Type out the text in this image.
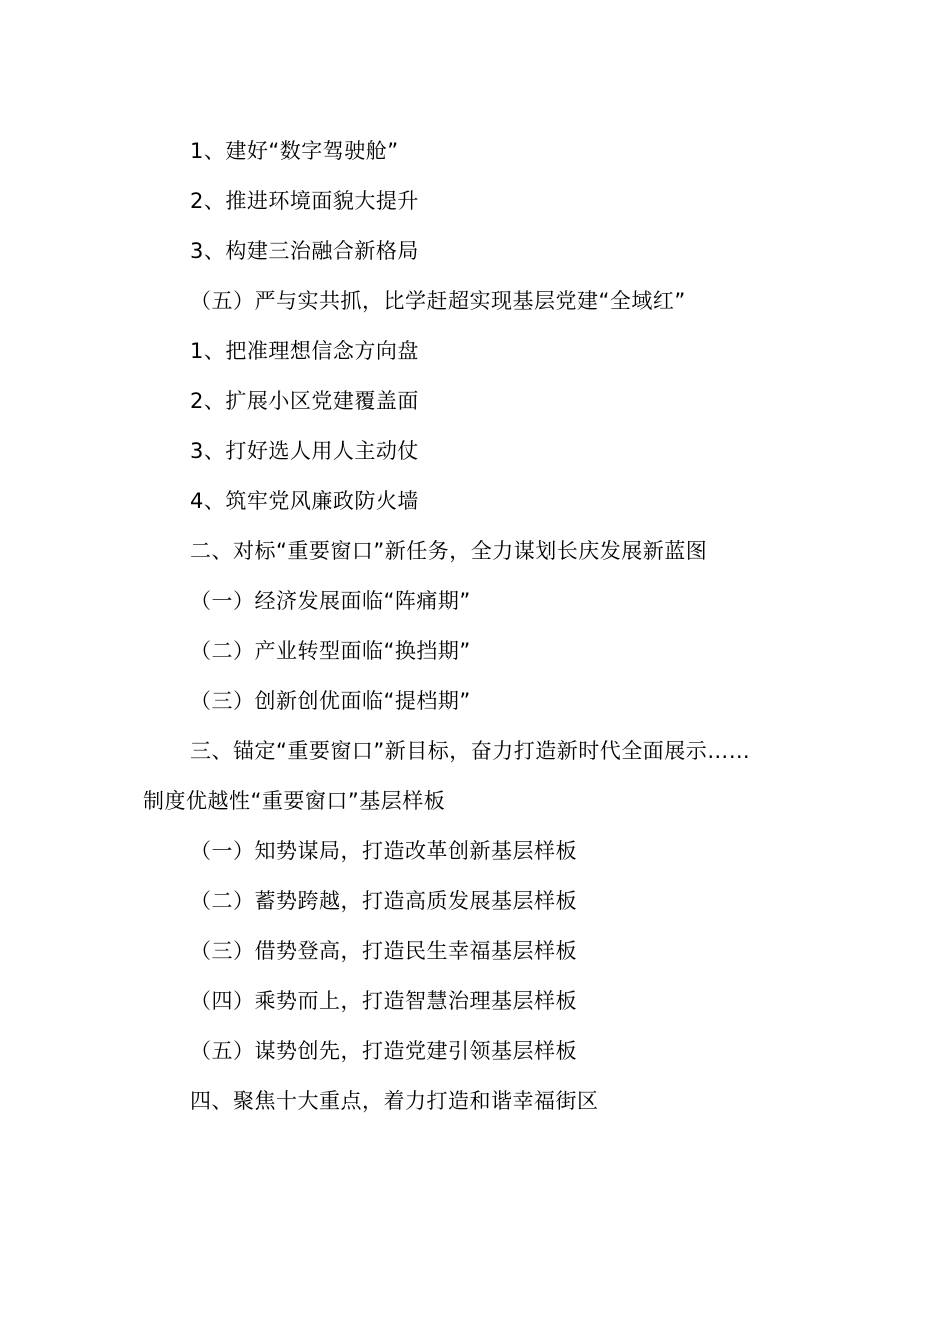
1、建好“数字驾驶舱”
2、推进环境面貌大提升
3、构建三治融合新格局
（五）严与实共抓，比学赶超实现基层党建“全域红”
1、把准理想信念方向盘
2、扩展小区党建覆盖面
3、打好选人用人主动仗
4、筑牢党风廉政防火墙
二、对标“重要窗口”新任务，全力谋划长庆发展新蓝图
（一）经济发展面临“阵痛期”
（二）产业转型面临“换挡期”
（三）创新创优面临“提档期”
三、锚定“重要窗口”新目标，奋力打造新时代全面展示……
制度优越性“重要窗口”基层样板
（一）知势谋局，打造改革创新基层样板
（二）蓄势跨越，打造高质发展基层样板
（三）借势登高，打造民生幸福基层样板
（四）乘势而上，打造智慧治理基层样板
（五）谋势创先，打造党建引领基层样板
四、聚焦十大重点，着力打造和谐幸福街区
